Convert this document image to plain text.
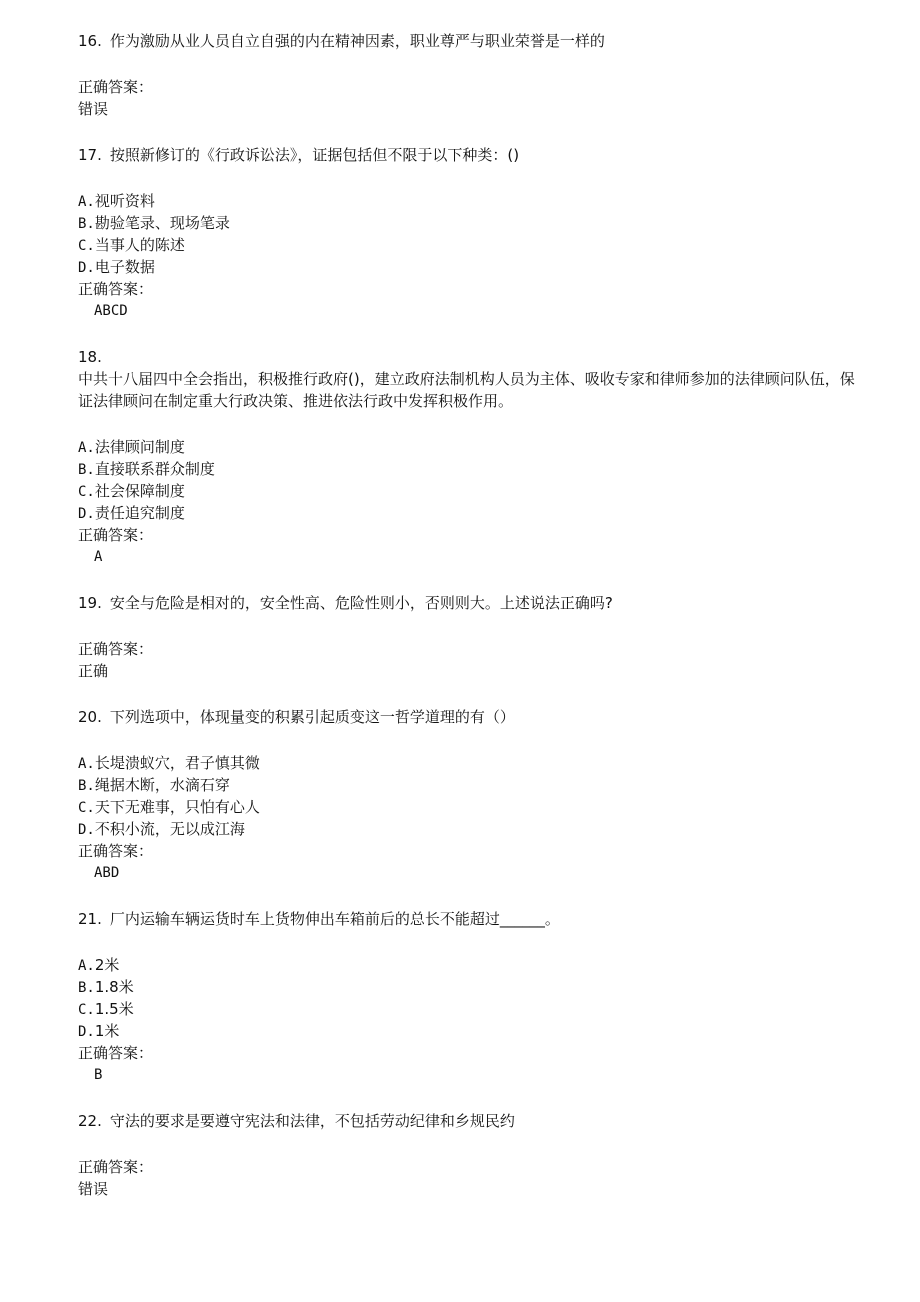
16. 作为激励从业人员自立自强的内在精神因素，职业尊严与职业荣誉是一样的

正确答案：
错误

17. 按照新修订的《行政诉讼法》，证据包括但不限于以下种类：()

A.视听资料
B.勘验笔录、现场笔录
C.当事人的陈述
D.电子数据
正确答案：
ABCD

18.

中共十八届四中全会指出，积极推行政府()，建立政府法制机构人员为主体、吸收专家和律师参加的法律顾问队伍，保证法律顾问在制定重大行政决策、推进依法行政中发挥积极作用。

A.法律顾问制度
B.直接联系群众制度
C.社会保障制度
D.责任追究制度
正确答案：
A

19. 安全与危险是相对的，安全性高、危险性则小，否则则大。上述说法正确吗?

正确答案：
正确

20. 下列选项中，体现量变的积累引起质变这一哲学道理的有（）

A.长堤溃蚁穴，君子慎其微
B.绳据木断，水滴石穿
C.天下无难事，只怕有心人
D.不积小流，无以成江海
正确答案：
ABD

21. 厂内运输车辆运货时车上货物伸出车箱前后的总长不能超过______。

A.2米
B.1.8米
C.1.5米
D.1米
正确答案：
B

22. 守法的要求是要遵守宪法和法律，不包括劳动纪律和乡规民约

正确答案：
错误
